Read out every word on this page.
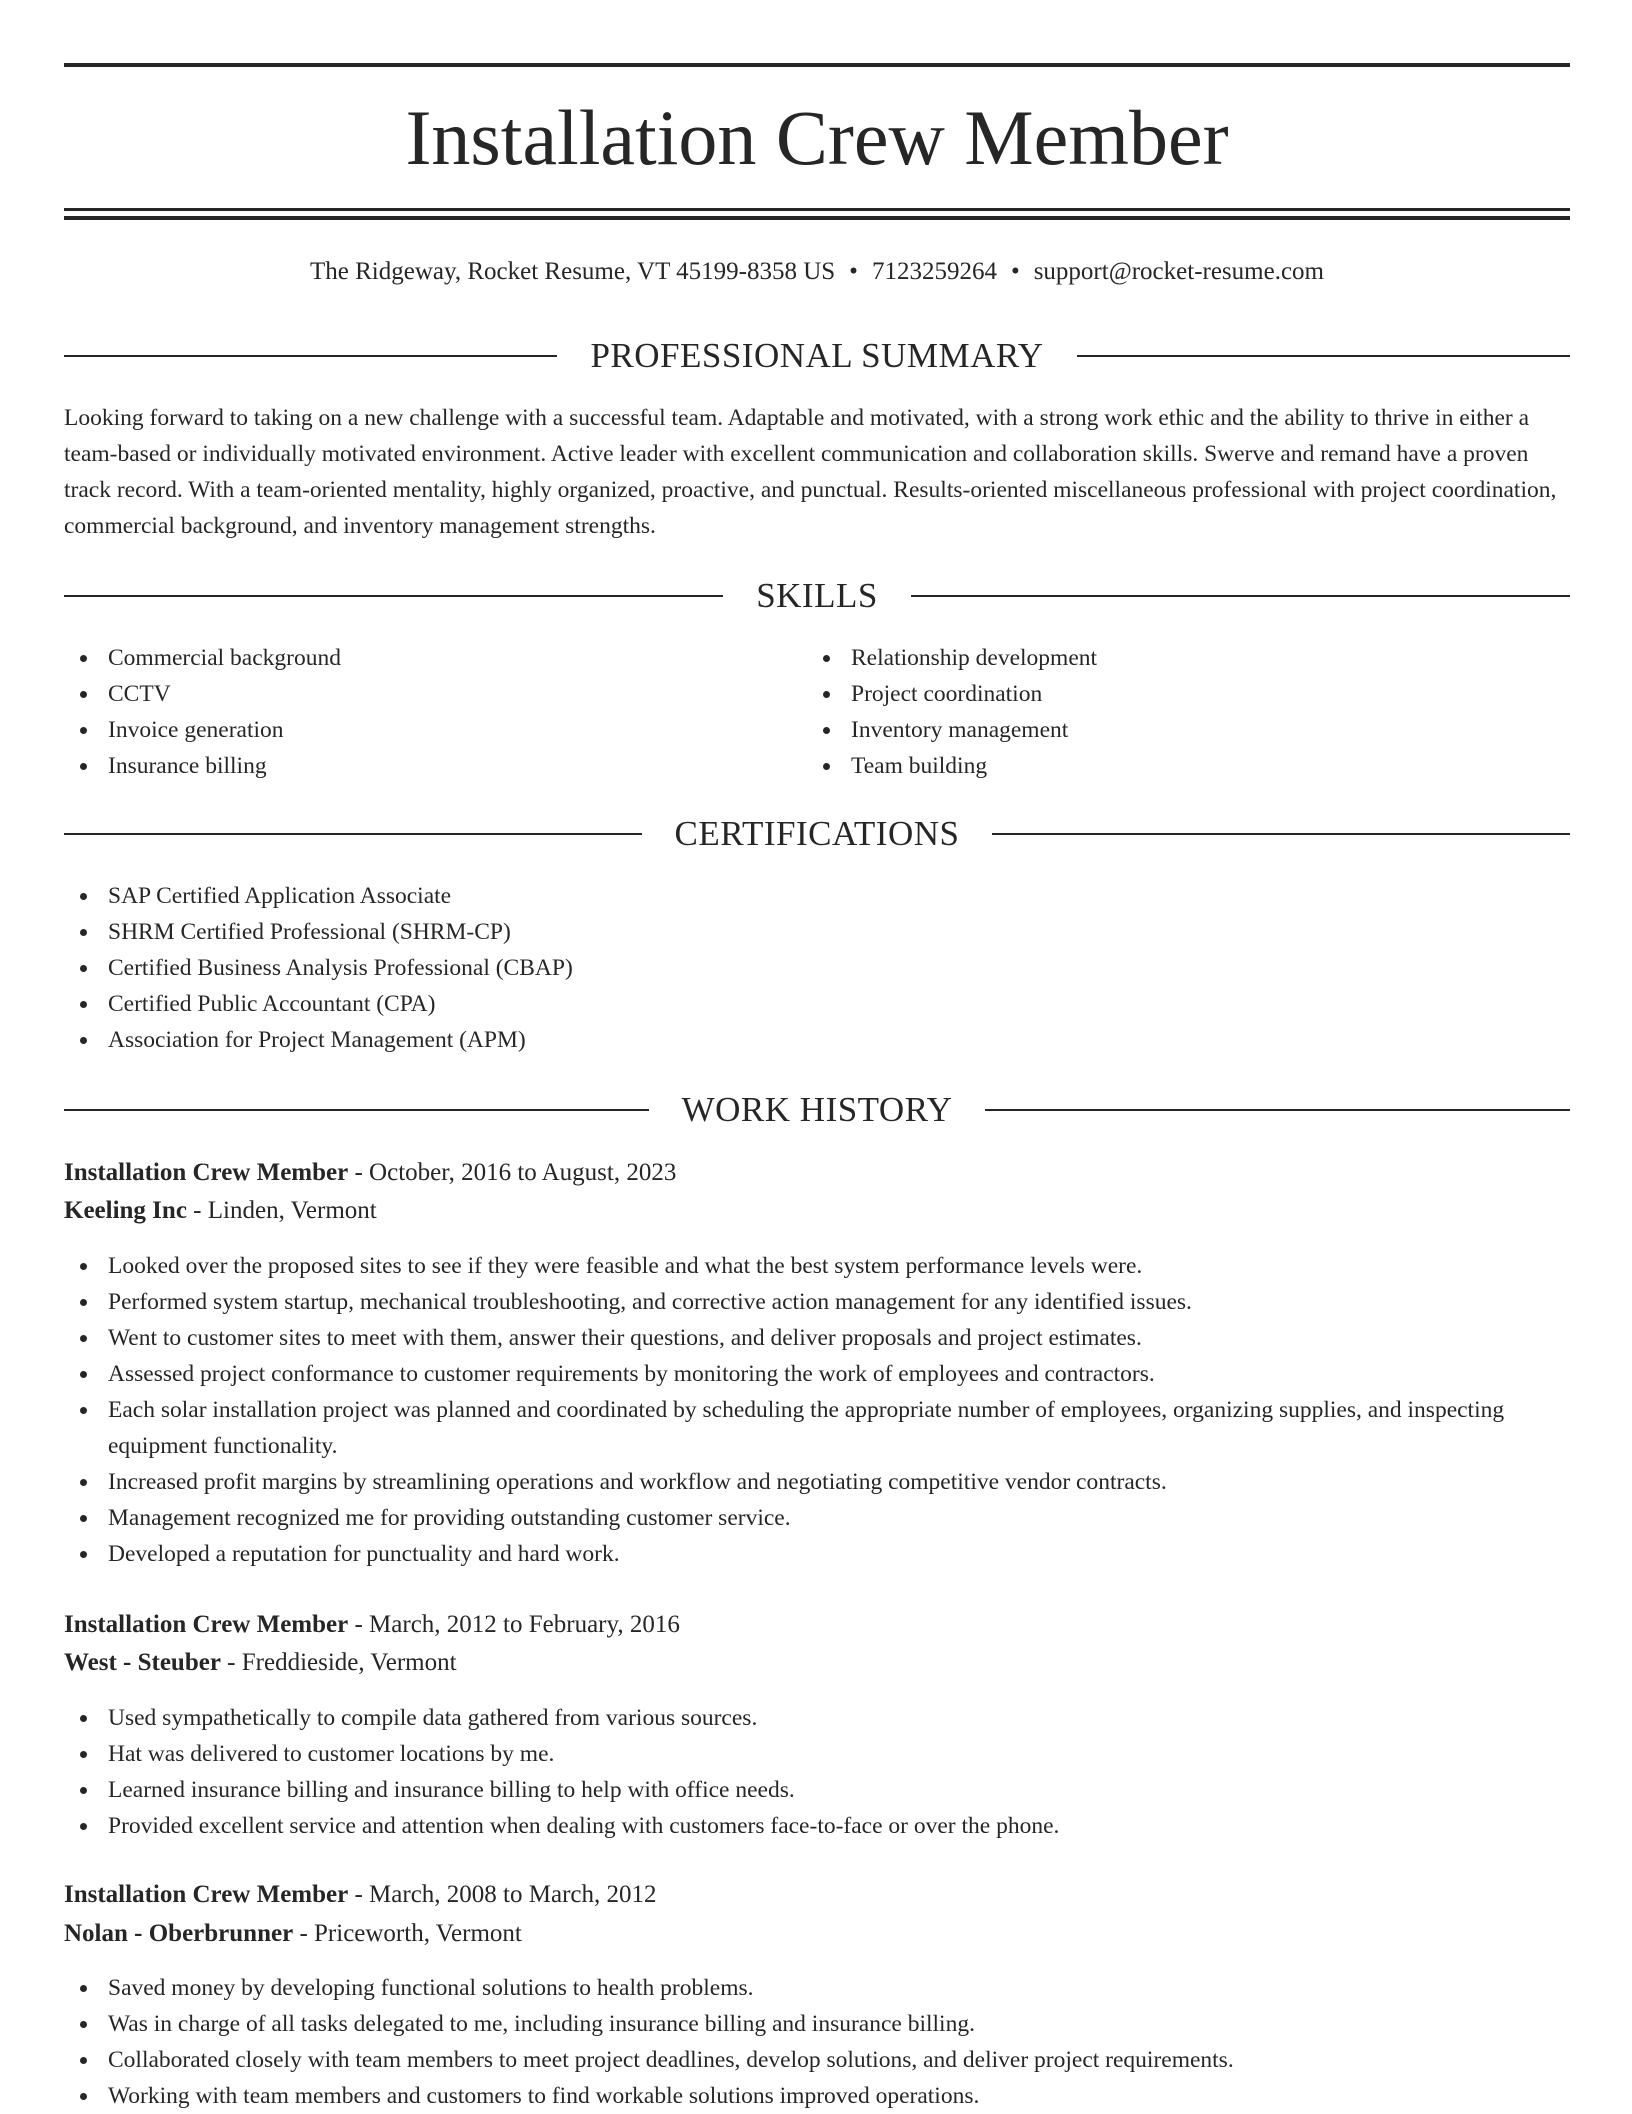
Installation Crew Member
The Ridgeway, Rocket Resume, VT 45199-8358 US • 7123259264 • support@rocket-resume.com
PROFESSIONAL SUMMARY

Looking forward to taking on a new challenge with a successful team. Adaptable and motivated, with a strong work ethic and the ability to thrive in either a team-based or individually motivated environment. Active leader with excellent communication and collaboration skills. Swerve and remand have a proven track record. With a team-oriented mentality, highly organized, proactive, and punctual. Results-oriented miscellaneous professional with project coordination, commercial background, and inventory management strengths.

SKILLS
Commercial background
CCTV
Invoice generation
Insurance billing
Relationship development
Project coordination
Inventory management
Team building
CERTIFICATIONS
SAP Certified Application Associate
SHRM Certified Professional (SHRM-CP)
Certified Business Analysis Professional (CBAP)
Certified Public Accountant (CPA)
Association for Project Management (APM)
WORK HISTORY
Installation Crew Member - October, 2016 to August, 2023
Keeling Inc - Linden, Vermont
Looked over the proposed sites to see if they were feasible and what the best system performance levels were.
Performed system startup, mechanical troubleshooting, and corrective action management for any identified issues.
Went to customer sites to meet with them, answer their questions, and deliver proposals and project estimates.
Assessed project conformance to customer requirements by monitoring the work of employees and contractors.
Each solar installation project was planned and coordinated by scheduling the appropriate number of employees, organizing supplies, and inspecting equipment functionality.
Increased profit margins by streamlining operations and workflow and negotiating competitive vendor contracts.
Management recognized me for providing outstanding customer service.
Developed a reputation for punctuality and hard work.
Installation Crew Member - March, 2012 to February, 2016
West - Steuber - Freddieside, Vermont
Used sympathetically to compile data gathered from various sources.
Hat was delivered to customer locations by me.
Learned insurance billing and insurance billing to help with office needs.
Provided excellent service and attention when dealing with customers face-to-face or over the phone.
Installation Crew Member - March, 2008 to March, 2012
Nolan - Oberbrunner - Priceworth, Vermont
Saved money by developing functional solutions to health problems.
Was in charge of all tasks delegated to me, including insurance billing and insurance billing.
Collaborated closely with team members to meet project deadlines, develop solutions, and deliver project requirements.
Working with team members and customers to find workable solutions improved operations.
